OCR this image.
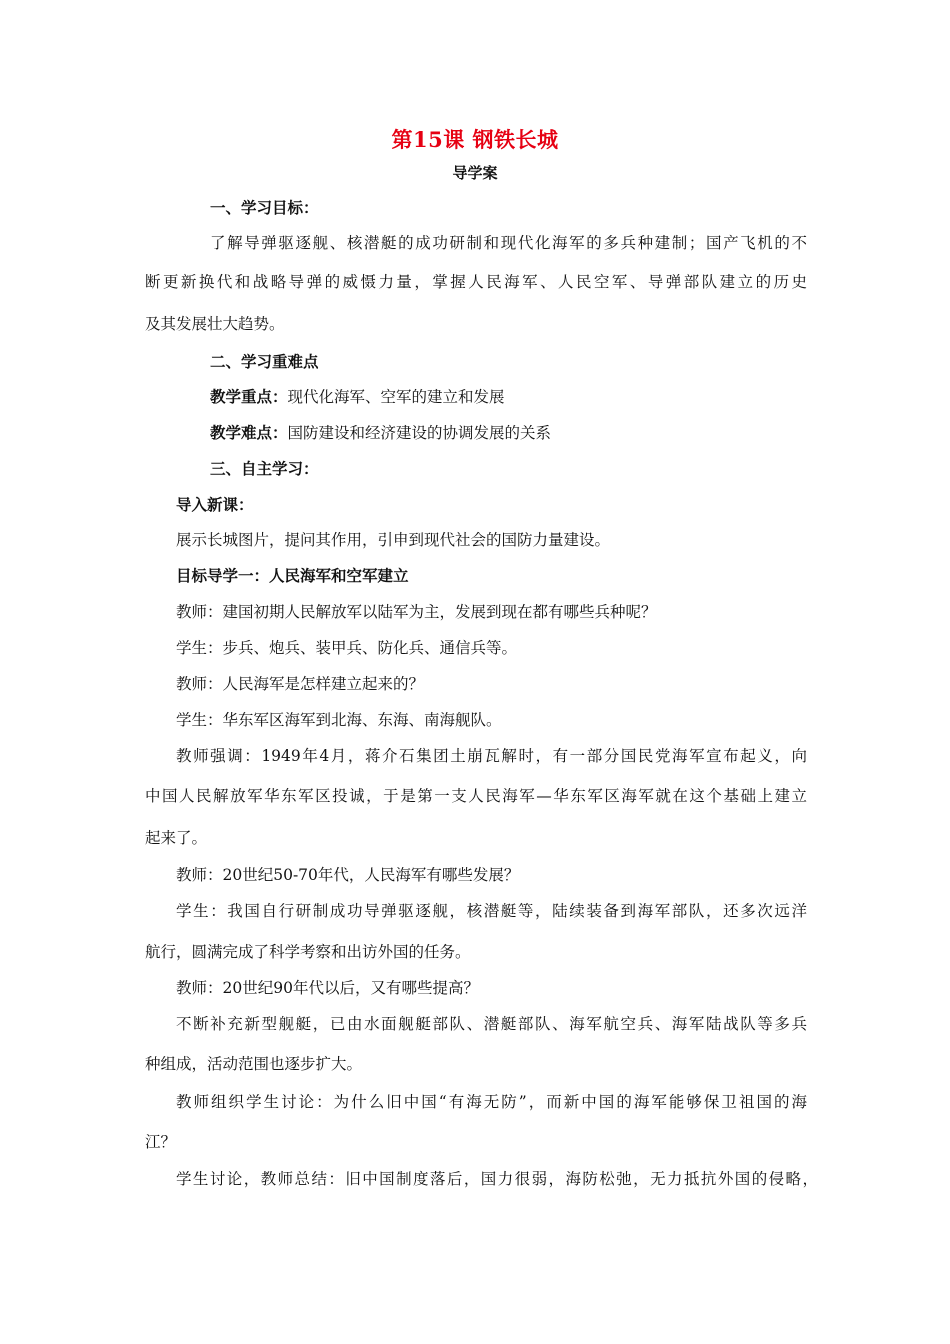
第15课 钢铁长城
导学案
一、学习目标：
了解导弹驱逐舰、核潜艇的成功研制和现代化海军的多兵种建制；国产飞机的不
断更新换代和战略导弹的威慑力量，掌握人民海军、人民空军、导弹部队建立的历史
及其发展壮大趋势。
二、学习重难点
教学重点：现代化海军、空军的建立和发展
教学难点：国防建设和经济建设的协调发展的关系
三、自主学习：
导入新课：
展示长城图片，提问其作用，引申到现代社会的国防力量建设。
目标导学一：人民海军和空军建立
教师：建国初期人民解放军以陆军为主，发展到现在都有哪些兵种呢？
学生：步兵、炮兵、装甲兵、防化兵、通信兵等。
教师：人民海军是怎样建立起来的？
学生：华东军区海军到北海、东海、南海舰队。
教师强调：1949年4月，蒋介石集团土崩瓦解时，有一部分国民党海军宣布起义，向
中国人民解放军华东军区投诚，于是第一支人民海军—华东军区海军就在这个基础上建立
起来了。
教师：20世纪50-70年代，人民海军有哪些发展？
学生：我国自行研制成功导弹驱逐舰，核潜艇等，陆续装备到海军部队，还多次远洋
航行，圆满完成了科学考察和出访外国的任务。
教师：20世纪90年代以后，又有哪些提高？
不断补充新型舰艇，已由水面舰艇部队、潜艇部队、海军航空兵、海军陆战队等多兵
种组成，活动范围也逐步扩大。
教师组织学生讨论：为什么旧中国“有海无防”，而新中国的海军能够保卫祖国的海
江？
学生讨论，教师总结：旧中国制度落后，国力很弱，海防松弛，无力抵抗外国的侵略，
